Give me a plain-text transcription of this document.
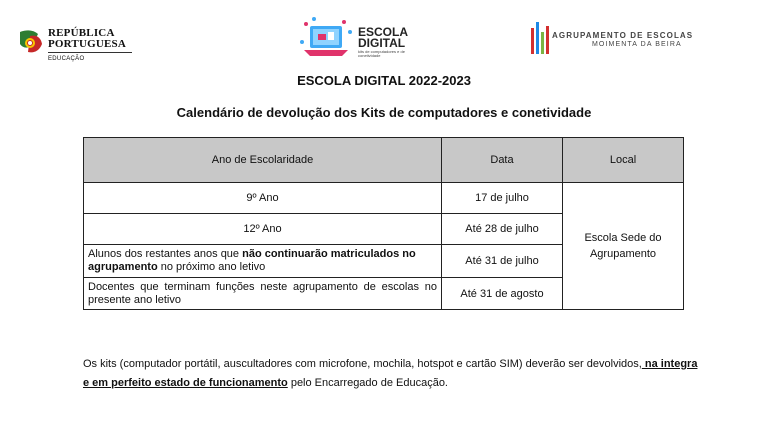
REPÚBLICA
PORTUGUESA
EDUCAÇÃO
ESCOLA
DIGITAL
kits de computadores e de conetividade
AGRUPAMENTO DE ESCOLAS
MOIMENTA DA BEIRA
ESCOLA DIGITAL 2022-2023
Calendário de devolução dos Kits de computadores e conetividade
Ano de Escolaridade	Data	Local
9º Ano	17 de julho	Escola Sede do
Agrupamento
12º Ano	Até 28 de julho	
Alunos dos restantes anos que não continuarão matriculados no agrupamento no próximo ano letivo	Até 31 de julho	
Docentes que terminam funções neste agrupamento de escolas no presente ano letivo	Até 31 de agosto	
Os kits (computador portátil, auscultadores com microfone, mochila, hotspot e cartão SIM) deverão ser devolvidos, na integra e em perfeito estado de funcionamento pelo Encarregado de Educação.
